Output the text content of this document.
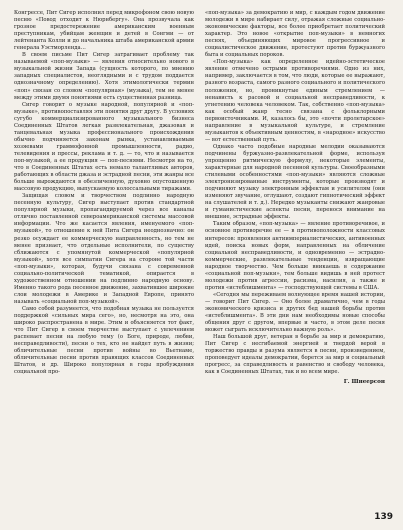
Конгрессе, Пит Сигер исполнил перед микрофоном свою новую песню «Повод отходит к Нюрнбергу». Она прозвучала как грозное предостережение американским военным преступникам, убийцам женщин и детей в Сонгми — от лейтенанта Колли и до начальника штаба американской армии генерала Уэстморленда…

В своем письме Пит Сигер затрагивает проблему так называемой «поп-музыки» — явления относительно нового в музыкальной жизни Запада (сущность которого, по мнению западных специалистов, неоглядными и с трудом поддается однозначному определению). Хотя этимологически термин «поп» связан со словом «популярная» (музыка), тем не менее между этими двумя понятиями есть существенная разница.

Сигер говорит о музыке народной, популярной и «поп-музыке», противопоставляя эти понятия друг другу. В условиях сугубо коммерциализированного музыкального бизнеса Соединенных Штатов легкая развлекательная, джазовая и танцевальная музыка профессионального происхождения обычно подчиняется законам рынка, устанавливаемым хозяевами граммофонной промышленности, радио, телевидения и прессы, реклама и т. д. — то, что и называется поп-музыкой, а ее продукция — поп-песнями. Несмотря на то, что в Соединенных Штатах есть немало талантливых авторов, работающих в области джаза и эстрадной песни, эти жанры все больше вырождаются в обезличенную, духовно опустошенную массовую продукцию, выпускаемую колоссальными тиражами.

Защищая словом и творчеством подлинно народную песенную культуру, Сигер выступает против стандартной популярной музыки, пропагандируемой через все каналы отлично поставленной североамериканской системы массовой информации. Что же касается явления, именуемого «поп-музыкой», то отношение к ней Пита Сигера неоднозначно: он резко осуждает ее коммерческую направленность, но тем не менее признает, что отдельные исполнители, по существу сближаются с упомянутой коммерческой «популярной музыкой», хотя все симпатии Сигера на стороне той части «поп-музыки», которая, будучи связана с современной социально-политической тематикой, опирается в художественном отношении на подлинно народную основу. Именно такого рода песенное движение, захватившее широкие слои молодежи в Америке и Западной Европе, принято называть «социальной поп-музыкой».

Само собой разумеется, что подобная музыка не пользуется поддержкой «сильных мира сего», но, несмотря на это, она широко распространена в мире. Этим и объясняется тот факт, что Пит Сигер в своем творчестве выступает с увлечением распевает песни на любую тему (о Боге, природе, любви, несправедливости), песни о тех, кто не найдет путь в жизни; обличительные песни против войны во Вьетнаме, обличительные песни против правящих классов Соединенных Штатов, и др. Широко популярная в годы пробуждения социальной про-

«поп-музыка» за демократию и мир, с каждым годом движение молодежи в мире набирает силу, отражая сложные социально-экономические факторы, все более приобретает политический характер. Это новое «открытие поп-музыки» в немногих песнях, объединяющих мировое прогрессивное и социалистическое движение, протестуют против буржуазного быта и социальных пороков.

«Поп-музыка» как определенное идейно-эстетическое явление отмечено острыми противоречиями. Одно из них, например, заключается в том, что люди, которые ее выражают, разного возраста, самого разного социального и политического положения, но, проникнутые единым стремлением — ненависть к расовой и социальной несправедливости, к угнетению человека человеком. Так, собственно «поп-музыка» как особый жанр тесно связана с фольклорными первоисточниками. И, казалось бы, это «почти пролетарское» направление в музыкальной культуре, и стремление музыкантов к объективным ценностям, в «народное» искусство — вот естественный путь.

Однако часто подобные народные мелодии оказываются подчинены буржуазно-развлекательной форме, используя упрощенно ритмическую формулу, некоторые элементы, характерные для народной песенной культуры. Своеобразными стилевыми особенностями «поп-музыки» являются сложные электронизированные инструменты, которые производят и подчиняют музыку электронным эффектам и усилителям (они изменяют звучание, оглушают, создают гипнотический эффект на слушателей и т. д.). Нередко музыканты снижают жанровые и гуманистические аспекты песни, перенося внимание на внешние, эстрадные эффекты.

Таким образом, «поп-музыка» — явление противоречивое, и основное противоречие ее — в противоположности классовых интересов: проявления антиимпериалистических, антивоенных идей, поиска новых форм, направленных на обличение социальной несправедливости, и одновременно — эстрадно-коммерческие, развлекательные тенденции, извращающие народное творчество. Чем больше вникаешь в содержание «социальной поп-музыки», тем больше видишь в ней протест молодежи против агрессии, расизма, насилия, а также и против «истеблишмента» — господствующей системы в США.

«Сегодня мы переживаем волнующее время нашей истории, — говорит Пит Сигер. — Оно более драматично, чем в годы экономического кризиса и других бед нашей борьбы против «истеблишмента». В эти дни нам необходимы новые способы общения друг с другом, впервые и часто, в этом деле песня может сыграть исключительно важную роль».

Наш большой друг, ветеран в борьбе за мир и демократию, Пит Сигер с несгибаемой энергией и твердой верой в торжество правды и разума является в песни, произведением, проповедует идеалы демократии, борется за мир и социальный прогресс, за справедливость и равенство и свободу человека, как в Соединенных Штатах, так и во всем мире.

Г. Шнеерсон
139
